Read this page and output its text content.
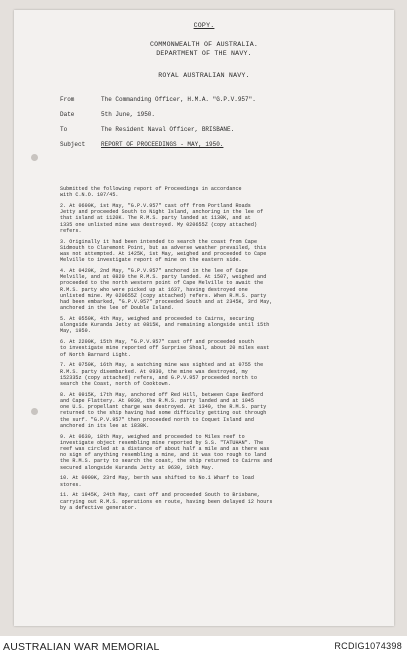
COPY.
COMMONWEALTH OF AUSTRALIA.
DEPARTMENT OF THE NAVY.
ROYAL AUSTRALIAN NAVY.
From	The Commanding Officer, H.M.A. "G.P.V.957".
Date	5th June, 1950.
To	The Resident Naval Officer, BRISBANE.
Subject	REPORT OF PROCEEDINGS - MAY, 1950.

Submitted the following report of Proceedings in accordance
with C.N.O. 107/45.

2. At 0600K, 1st May, "G.P.V.957" cast off from Portland Roads
Jetty and proceeded South to Night Island, anchoring in the lee of
that island at 1120K. The R.M.S. party landed at 1130K, and at
1335 one unlisted mine was destroyed. My 020655Z (copy attached)
refers.

3. Originally it had been intended to search the coast from Cape
Sidmouth to Claremont Point, but as adverse weather prevailed, this
was not attempted. At 1425K, 1st May, weighed and proceeded to Cape
Melville to investigate report of mine on the eastern side.

4. At 0420K, 2nd May, "G.P.V.957" anchored in the lee of Cape
Melville, and at 0820 the R.M.S. party landed. At 1507, weighed and
proceeded to the north western point of Cape Melville to await the
R.M.S. party who were picked up at 1637, having destroyed one
unlisted mine. My 020655Z (copy attached) refers. When R.M.S. party
had been embarked, "G.P.V.957" proceeded South and at 2345K, 3rd May,
anchored in the lee of Double Island.

5. At 0550K, 4th May, weighed and proceeded to Cairns, securing
alongside Kuranda Jetty at 0815K, and remaining alongside until 15th
May, 1950.

6. At 2200K, 15th May, "G.P.V.957" cast off and proceeded south
to investigate mine reported off Surprise Shoal, about 20 miles east
of North Barnard Light.

7. At 0750K, 16th May, a watching mine was sighted and at 0755 the
R.M.S. party disembarked. At 0930, the mine was destroyed, my
152335z (copy attached) refers, and G.P.V.957 proceeded north to
search the Coast, north of Cooktown.

8. At 0915K, 17th May, anchored off Red Hill, between Cape Bedford
and Cape Flattery. At 0930, the R.M.S. party landed and at 1045
one U.S. propellant charge was destroyed. At 1340, the R.M.S. party
returned to the ship having had some difficulty getting out through
the surf. "G.P.V.957" then proceeded north to Coquet Island and
anchored in its lee at 1838K.

9. At 0630, 18th May, weighed and proceeded to Miles reef to
investigate object resembling mine reported by S.S. "TATUHAN". The
reef was circled at a distance of about half a mile and as there was
no sign of anything resembling a mine, and it was too rough to land
the R.M.S. party to search the coast, the ship returned to Cairns and
secured alongside Kuranda Jetty at 0630, 19th May.

10. At 0900K, 23rd May, berth was shifted to No.1 Wharf to load
stores.

11. At 1945K, 24th May, cast off and proceeded South to Brisbane,
carrying out R.M.S. operations en route, having been delayed 12 hours
by a defective generator.

AUSTRALIAN WAR MEMORIAL	RCDIG1074398
